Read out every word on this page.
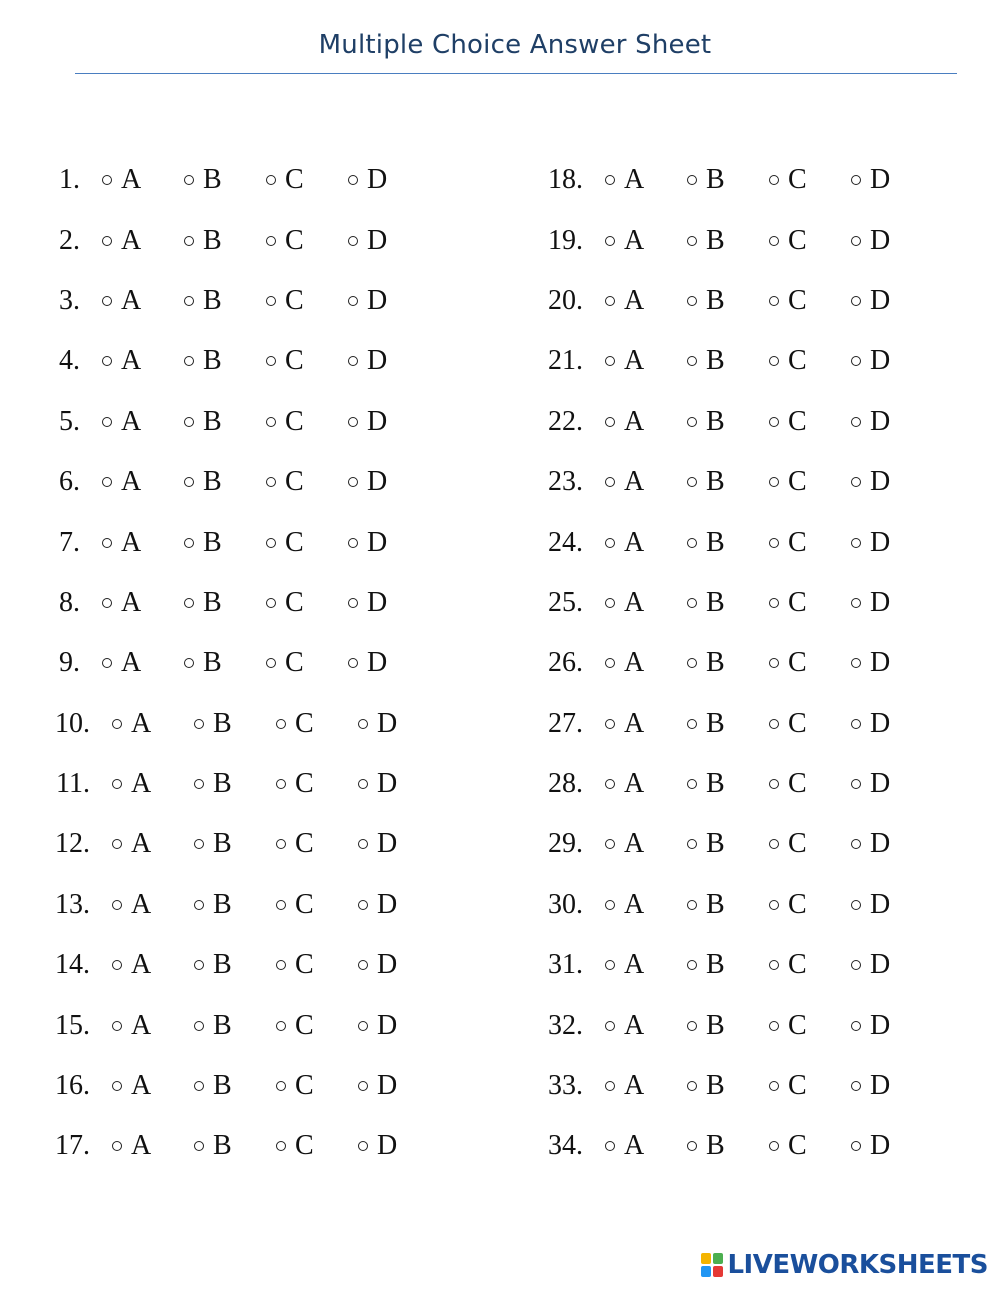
Multiple Choice Answer Sheet
1. A B C D
2. A B C D
3. A B C D
4. A B C D
5. A B C D
6. A B C D
7. A B C D
8. A B C D
9. A B C D
10. A B C D
11. A B C D
12. A B C D
13. A B C D
14. A B C D
15. A B C D
16. A B C D
17. A B C D
18. A B C D
19. A B C D
20. A B C D
21. A B C D
22. A B C D
23. A B C D
24. A B C D
25. A B C D
26. A B C D
27. A B C D
28. A B C D
29. A B C D
30. A B C D
31. A B C D
32. A B C D
33. A B C D
34. A B C D
LIVEWORKSHEETS
